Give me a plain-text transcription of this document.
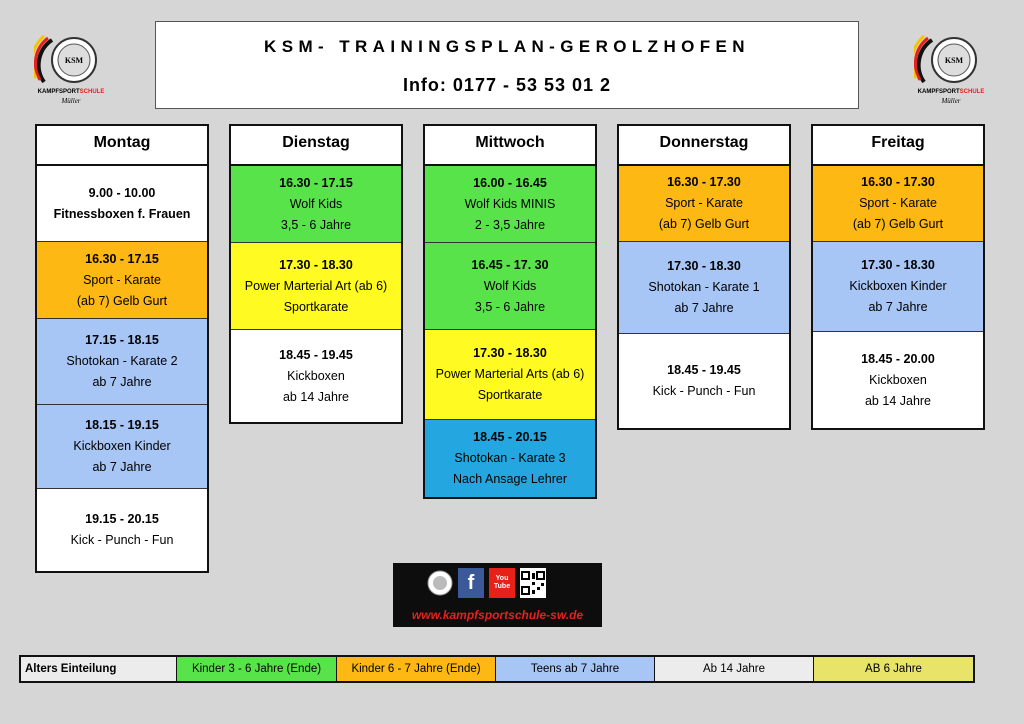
KSM
KAMPFSPORTSCHULE
Müller
KSM
KAMPFSPORTSCHULE
Müller
KSM- TRAININGSPLAN-GEROLZHOFEN
Info: 0177 - 53 53 01 2
Montag
9.00 - 10.00
Fitnessboxen f. Frauen
16.30 - 17.15
Sport - Karate
(ab 7) Gelb Gurt
17.15 - 18.15
Shotokan - Karate 2
ab 7 Jahre
18.15 - 19.15
Kickboxen Kinder
ab 7 Jahre
19.15 - 20.15
Kick - Punch - Fun
Dienstag
16.30 - 17.15
Wolf Kids
3,5 - 6 Jahre
17.30 - 18.30
Power Marterial Art (ab 6)
Sportkarate
18.45 - 19.45
Kickboxen
ab 14 Jahre
Mittwoch
16.00 - 16.45
Wolf Kids MINIS
2 - 3,5 Jahre
16.45 - 17. 30
Wolf Kids
3,5 - 6 Jahre
17.30 - 18.30
Power Marterial Arts (ab 6)
Sportkarate
18.45 - 20.15
Shotokan - Karate 3
Nach Ansage Lehrer
Donnerstag
16.30 - 17.30
Sport - Karate
(ab 7) Gelb Gurt
17.30 - 18.30
Shotokan - Karate 1
ab 7 Jahre
18.45 - 19.45
Kick - Punch - Fun
Freitag
16.30 - 17.30
Sport - Karate
(ab 7) Gelb Gurt
17.30 - 18.30
Kickboxen Kinder
ab 7 Jahre
18.45 - 20.00
Kickboxen
ab 14 Jahre
f	You Tube
www.kampfsportschule-sw.de
Alters Einteilung	Kinder 3 - 6 Jahre (Ende)	Kinder 6 - 7 Jahre (Ende)	Teens ab 7 Jahre	Ab 14 Jahre	AB 6 Jahre
